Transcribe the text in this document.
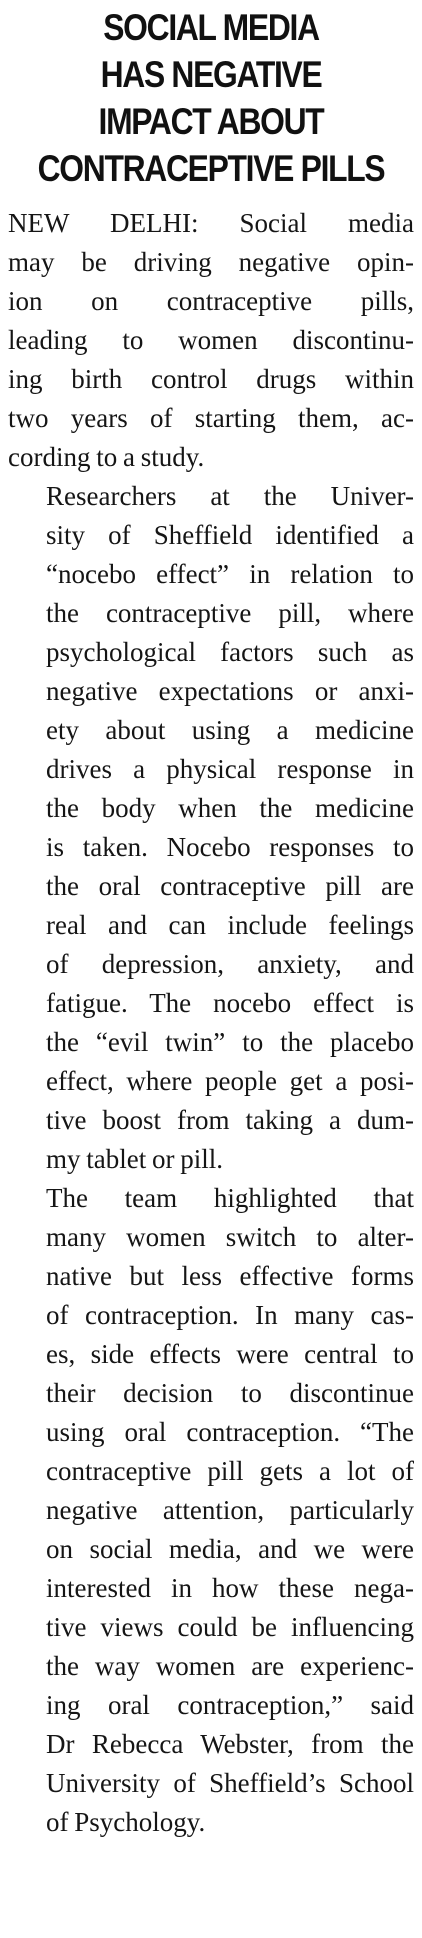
SOCIAL MEDIA
HAS NEGATIVE
IMPACT ABOUT
CONTRACEPTIVE PILLS

NEW DELHI: Social media
may be driving negative opin-
ion on contraceptive pills,
leading to women discontinu-
ing birth control drugs within
two years of starting them, ac-
cording to a study.

Researchers at the Univer-
sity of Sheffield identified a
“nocebo effect” in relation to
the contraceptive pill, where
psychological factors such as
negative expectations or anxi-
ety about using a medicine
drives a physical response in
the body when the medicine
is taken. Nocebo responses to
the oral contraceptive pill are
real and can include feelings
of depression, anxiety, and
fatigue. The nocebo effect is
the “evil twin” to the placebo
effect, where people get a posi-
tive boost from taking a dum-
my tablet or pill.

The team highlighted that
many women switch to alter-
native but less effective forms
of contraception. In many cas-
es, side effects were central to
their decision to discontinue
using oral contraception. “The
contraceptive pill gets a lot of
negative attention, particularly
on social media, and we were
interested in how these nega-
tive views could be influencing
the way women are experienc-
ing oral contraception,” said
Dr Rebecca Webster, from the
University of Sheffield’s School
of Psychology.
